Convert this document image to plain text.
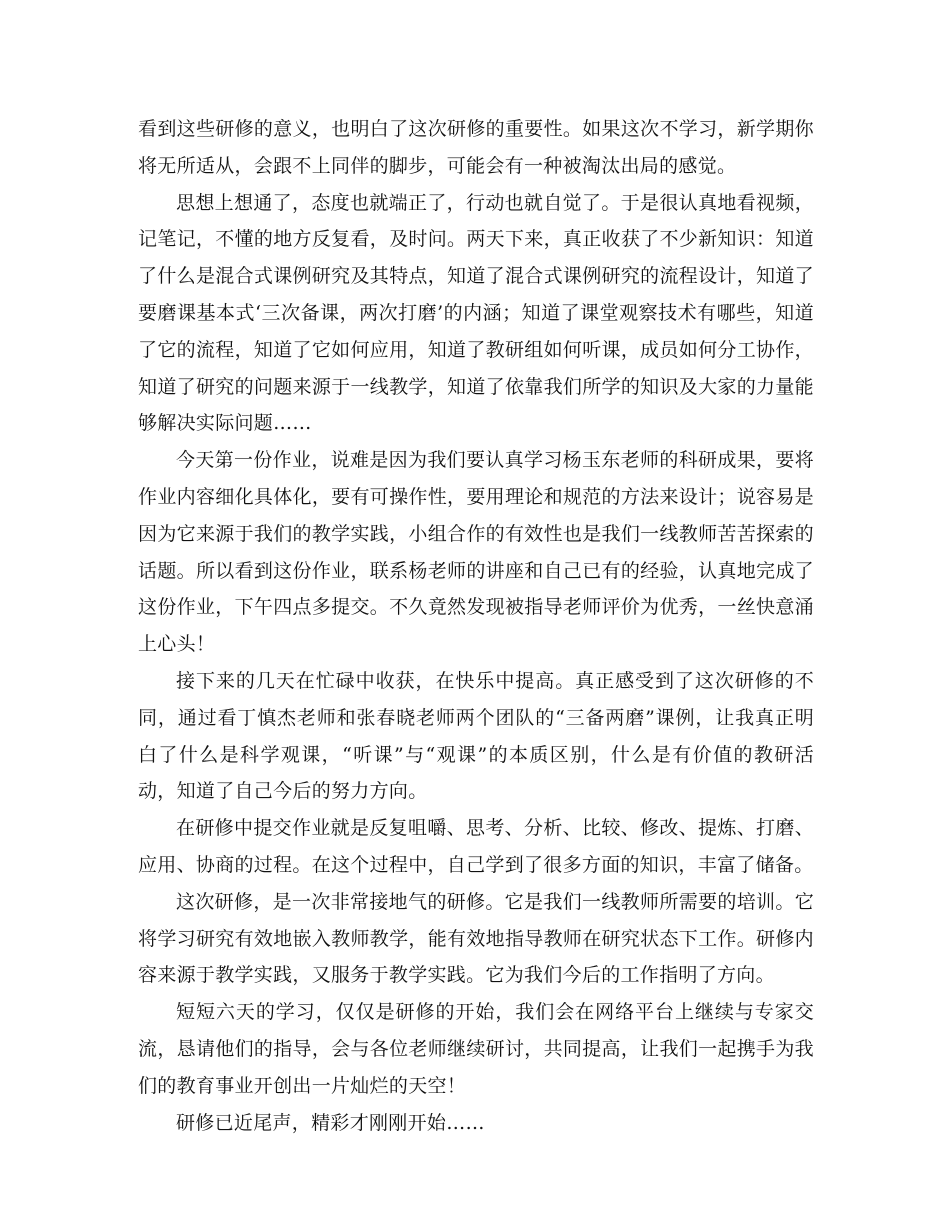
看到这些研修的意义，也明白了这次研修的重要性。如果这次不学习，新学期你将无所适从，会跟不上同伴的脚步，可能会有一种被淘汰出局的感觉。

思想上想通了，态度也就端正了，行动也就自觉了。于是很认真地看视频，记笔记，不懂的地方反复看，及时问。两天下来，真正收获了不少新知识：知道了什么是混合式课例研究及其特点，知道了混合式课例研究的流程设计，知道了要磨课基本式‘三次备课，两次打磨’的内涵；知道了课堂观察技术有哪些，知道了它的流程，知道了它如何应用，知道了教研组如何听课，成员如何分工协作，知道了研究的问题来源于一线教学，知道了依靠我们所学的知识及大家的力量能够解决实际问题……

今天第一份作业，说难是因为我们要认真学习杨玉东老师的科研成果，要将作业内容细化具体化，要有可操作性，要用理论和规范的方法来设计；说容易是因为它来源于我们的教学实践，小组合作的有效性也是我们一线教师苦苦探索的话题。所以看到这份作业，联系杨老师的讲座和自己已有的经验，认真地完成了这份作业，下午四点多提交。不久竟然发现被指导老师评价为优秀，一丝快意涌上心头！

接下来的几天在忙碌中收获，在快乐中提高。真正感受到了这次研修的不同，通过看丁慎杰老师和张春晓老师两个团队的“三备两磨”课例，让我真正明白了什么是科学观课，“听课”与“观课”的本质区别，什么是有价值的教研活动，知道了自己今后的努力方向。

在研修中提交作业就是反复咀嚼、思考、分析、比较、修改、提炼、打磨、应用、协商的过程。在这个过程中，自己学到了很多方面的知识，丰富了储备。

这次研修，是一次非常接地气的研修。它是我们一线教师所需要的培训。它将学习研究有效地嵌入教师教学，能有效地指导教师在研究状态下工作。研修内容来源于教学实践，又服务于教学实践。它为我们今后的工作指明了方向。

短短六天的学习，仅仅是研修的开始，我们会在网络平台上继续与专家交流，恳请他们的指导，会与各位老师继续研讨，共同提高，让我们一起携手为我们的教育事业开创出一片灿烂的天空！

研修已近尾声，精彩才刚刚开始……
